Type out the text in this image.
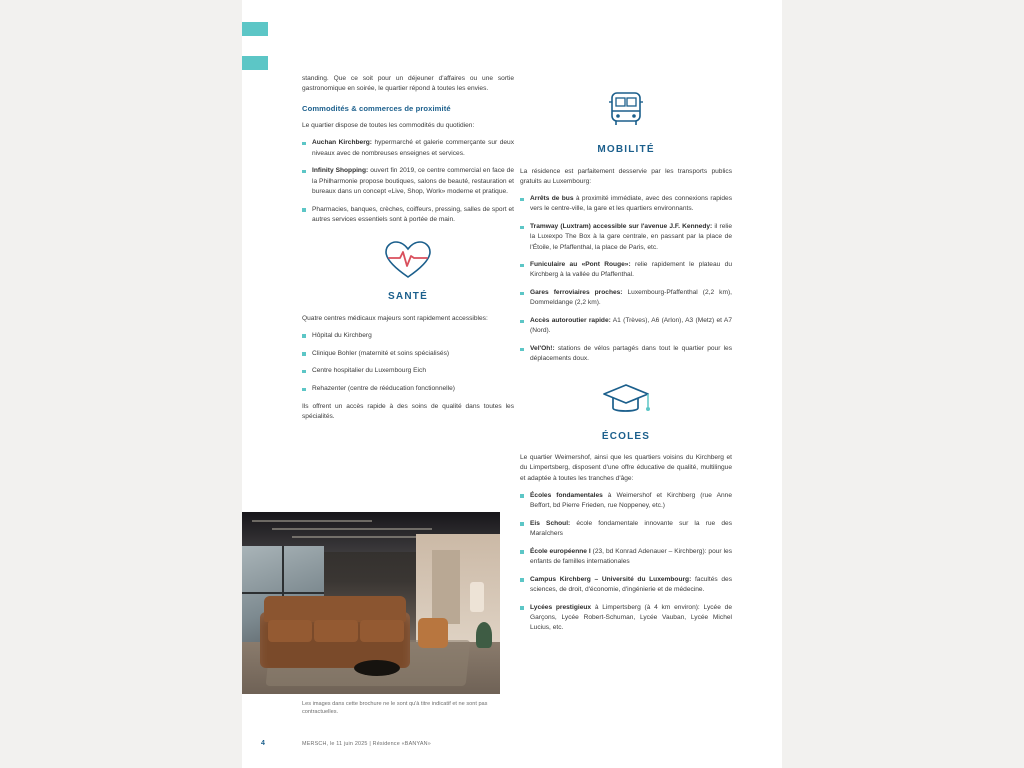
standing. Que ce soit pour un déjeuner d'affaires ou une sortie gastronomique en soirée, le quartier répond à toutes les envies.

Commodités & commerces de proximité

Le quartier dispose de toutes les commodités du quotidien:

Auchan Kirchberg: hypermarché et galerie commerçante sur deux niveaux avec de nombreuses enseignes et services.
Infinity Shopping: ouvert fin 2019, ce centre commercial en face de la Philharmonie propose boutiques, salons de beauté, restauration et bureaux dans un concept «Live, Shop, Work» moderne et pratique.
Pharmacies, banques, crèches, coiffeurs, pressing, salles de sport et autres services essentiels sont à portée de main.
SANTÉ

Quatre centres médicaux majeurs sont rapidement accessibles:

Hôpital du Kirchberg
Clinique Bohler (maternité et soins spécialisés)
Centre hospitalier du Luxembourg Eich
Rehazenter (centre de rééducation fonctionnelle)

Ils offrent un accès rapide à des soins de qualité dans toutes les spécialités.

MOBILITÉ

La résidence est parfaitement desservie par les transports publics gratuits au Luxembourg:

Arrêts de bus à proximité immédiate, avec des connexions rapides vers le centre-ville, la gare et les quartiers environnants.
Tramway (Luxtram) accessible sur l'avenue J.F. Kennedy: il relie la Luxexpo The Box à la gare centrale, en passant par la place de l'Étoile, le Pfaffenthal, la place de Paris, etc.
Funiculaire au «Pont Rouge»: relie rapidement le plateau du Kirchberg à la vallée du Pfaffenthal.
Gares ferroviaires proches: Luxembourg-Pfaffenthal (2,2 km), Dommeldange (2,2 km).
Accès autoroutier rapide: A1 (Trèves), A6 (Arlon), A3 (Metz) et A7 (Nord).
Vel'Oh!: stations de vélos partagés dans tout le quartier pour les déplacements doux.
ÉCOLES

Le quartier Weimershof, ainsi que les quartiers voisins du Kirchberg et du Limpertsberg, disposent d'une offre éducative de qualité, multilingue et adaptée à toutes les tranches d'âge:

Écoles fondamentales à Weimershof et Kirchberg (rue Anne Beffort, bd Pierre Frieden, rue Noppeney, etc.)
Eis Schoul: école fondamentale innovante sur la rue des Maraîchers
École européenne I (23, bd Konrad Adenauer – Kirchberg): pour les enfants de familles internationales
Campus Kirchberg – Université du Luxembourg: facultés des sciences, de droit, d'économie, d'ingénierie et de médecine.
Lycées prestigieux à Limpertsberg (à 4 km environ): Lycée de Garçons, Lycée Robert-Schuman, Lycée Vauban, Lycée Michel Lucius, etc.
Les images dans cette brochure ne le sont qu'à titre indicatif et ne sont pas contractuelles.
4	MERSCH, le 11 juin 2025 | Résidence «BANYAN»
